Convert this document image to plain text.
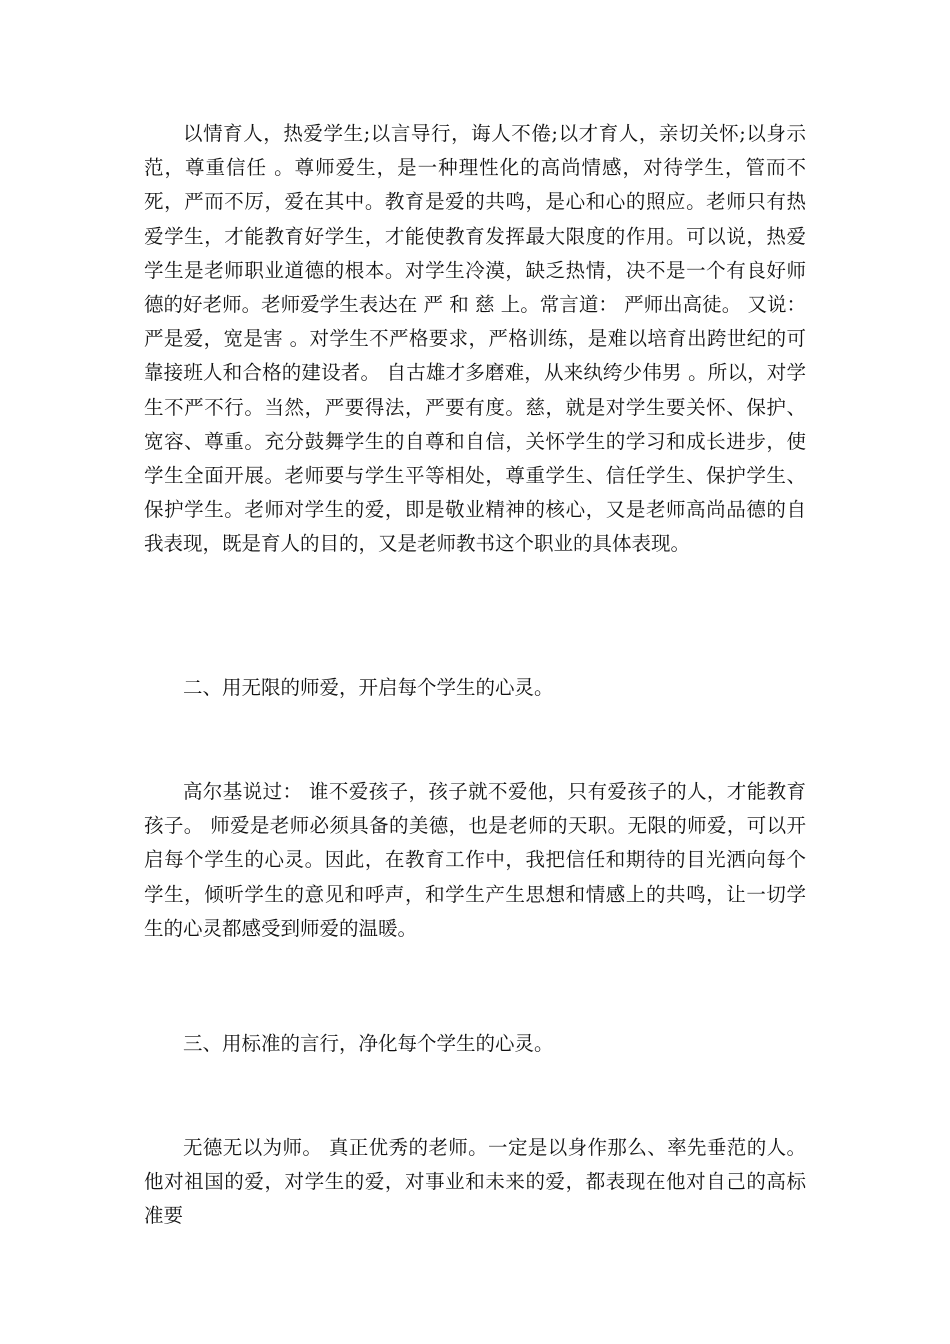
以情育人，热爱学生;以言导行，诲人不倦;以才育人，亲切关怀;以身示范，尊重信任 。尊师爱生，是一种理性化的高尚情感，对待学生，管而不死，严而不厉，爱在其中。教育是爱的共鸣，是心和心的照应。老师只有热爱学生，才能教育好学生，才能使教育发挥最大限度的作用。可以说，热爱学生是老师职业道德的根本。对学生冷漠，缺乏热情，决不是一个有良好师德的好老师。老师爱学生表达在 严 和 慈 上。常言道： 严师出高徒。 又说： 严是爱，宽是害 。对学生不严格要求，严格训练，是难以培育出跨世纪的可靠接班人和合格的建设者。 自古雄才多磨难，从来纨绔少伟男 。所以，对学生不严不行。当然，严要得法，严要有度。慈，就是对学生要关怀、保护、宽容、尊重。充分鼓舞学生的自尊和自信，关怀学生的学习和成长进步，使学生全面开展。老师要与学生平等相处，尊重学生、信任学生、保护学生、保护学生。老师对学生的爱，即是敬业精神的核心，又是老师高尚品德的自我表现，既是育人的目的，又是老师教书这个职业的具体表现。

二、用无限的师爱，开启每个学生的心灵。

高尔基说过： 谁不爱孩子，孩子就不爱他，只有爱孩子的人，才能教育孩子。 师爱是老师必须具备的美德，也是老师的天职。无限的师爱，可以开启每个学生的心灵。因此，在教育工作中，我把信任和期待的目光洒向每个学生，倾听学生的意见和呼声，和学生产生思想和情感上的共鸣，让一切学生的心灵都感受到师爱的温暖。

三、用标准的言行，净化每个学生的心灵。

无德无以为师。 真正优秀的老师。一定是以身作那么、率先垂范的人。他对祖国的爱，对学生的爱，对事业和未来的爱，都表现在他对自己的高标准要
